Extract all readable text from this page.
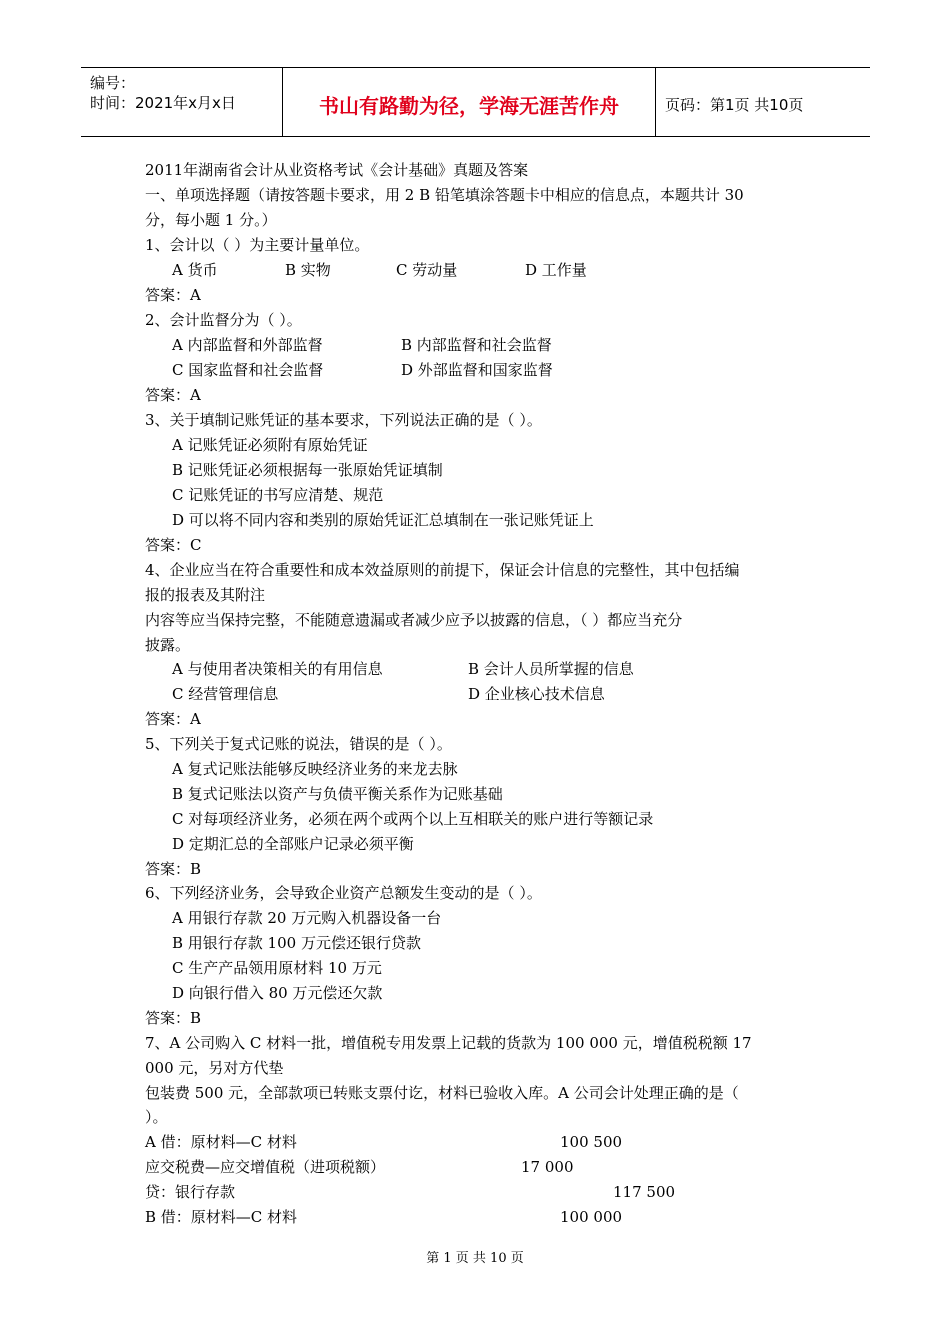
编号：
时间：2021年x月x日	书山有路勤为径，学海无涯苦作舟	页码：第1页 共10页
2011年湖南省会计从业资格考试《会计基础》真题及答案
一、单项选择题（请按答题卡要求，用 2 B 铅笔填涂答题卡中相应的信息点，本题共计 30
分，每小题 1 分。）
1、会计以（ ）为主要计量单位。
A 货币	B 实物	C 劳动量	D 工作量
答案：A
2、会计监督分为（ ）。
A 内部监督和外部监督	B 内部监督和社会监督
C 国家监督和社会监督	D 外部监督和国家监督
答案：A
3、关于填制记账凭证的基本要求，下列说法正确的是（ ）。
A 记账凭证必须附有原始凭证
B 记账凭证必须根据每一张原始凭证填制
C 记账凭证的书写应清楚、规范
D 可以将不同内容和类别的原始凭证汇总填制在一张记账凭证上
答案：C
4、企业应当在符合重要性和成本效益原则的前提下，保证会计信息的完整性，其中包括编
报的报表及其附注
内容等应当保持完整，不能随意遗漏或者减少应予以披露的信息，（ ）都应当充分
披露。
A 与使用者决策相关的有用信息	B 会计人员所掌握的信息
C 经营管理信息	D 企业核心技术信息
答案：A
5、下列关于复式记账的说法，错误的是（ ）。
A 复式记账法能够反映经济业务的来龙去脉
B 复式记账法以资产与负债平衡关系作为记账基础
C 对每项经济业务，必须在两个或两个以上互相联关的账户进行等额记录
D 定期汇总的全部账户记录必须平衡
答案：B
6、下列经济业务，会导致企业资产总额发生变动的是（ ）。
A 用银行存款 20 万元购入机器设备一台
B 用银行存款 100 万元偿还银行贷款
C 生产产品领用原材料 10 万元
D 向银行借入 80 万元偿还欠款
答案：B
7、A 公司购入 C 材料一批，增值税专用发票上记载的货款为 100 000 元，增值税税额 17
000 元，另对方代垫
包装费 500 元，全部款项已转账支票付讫，材料已验收入库。A 公司会计处理正确的是（
）。
A 借：原材料—C 材料	100 500
应交税费—应交增值税（进项税额）	17 000
贷：银行存款	117 500
B 借：原材料—C 材料	100 000
第 1 页 共 10 页
